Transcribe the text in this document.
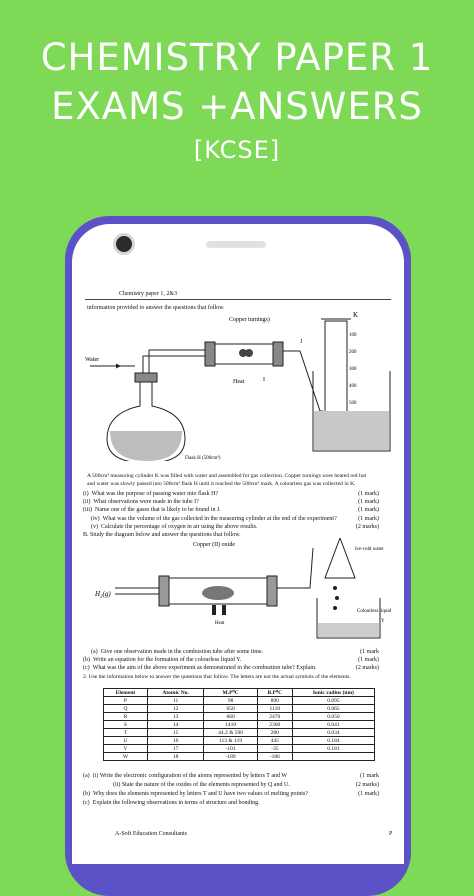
CHEMISTRY PAPER 1
EXAMS +ANSWERS
[KCSE]
Chemistry paper 1, 2&3
information provided to answer the questions that follow.
Water
Copper turnings)
Heat	I
J
K
Flask H (500cm³)
100
200
300
400
500
A 500cm³ measuring cylinder K was filled with water and assembled for gas collection. Copper turnings were heated red hot
and water was slowly passed into 500cm³ flask H until it reached the 500cm³ mark. A colourless gas was collected in K.
(i) What was the purpose of passing water into flask H?	(1 mark)
(ii) What observations were made in the tube I?	(1 mark)
(iii) Name one of the gases that is likely to be found in J.	(1 mark)
(iv) What was the volume of the gas collected in the measuring cylinder at the end of the experiment?	(1 mark)
(v) Calculate the percentage of oxygen in air using the above results.	(2 marks)
B. Study the diagram below and answer the questions that follow.
Copper (II) oxide
Ice-cold water
H₂(g)
Heat
Colourless liquid
Y
(a) Give one observation made in the combustion tube after some time.	(1 mark
(b) Write an equation for the formation of the colourless liquid Y.	(1 mark)
(c) What was the aim of the above experiment as demonstrated in the combustion tube? Explain.	(2 marks)
2. Use the information below to answer the questions that follow. The letters are not the actual symbols of the elements.
Element	Atomic No.	M.P⁰C	B.P⁰C	Ionic radius (nm)
P	11	98	890	0.095
Q	12	650	1110	0.065
R	13	660	2470	0.050
S	14	1410	2360	0.041
T	15	44.2 & 590	280	0.034
U	16	113 & 119	445	0.184
V	17	-101	-35	0.181
W	18	-189	-186	
(a) (i) Write the electronic configuration of the atoms represented by letters T and W	(1 mark
(ii) State the nature of the oxides of the elements represented by Q and U.	(2 marks)
(b) Why does the elements represented by letters T and U have two values of melting points?	(1 mark)
(c) Explain the following observations in terms of structure and bonding.
A-Soft Education Consultants	P
